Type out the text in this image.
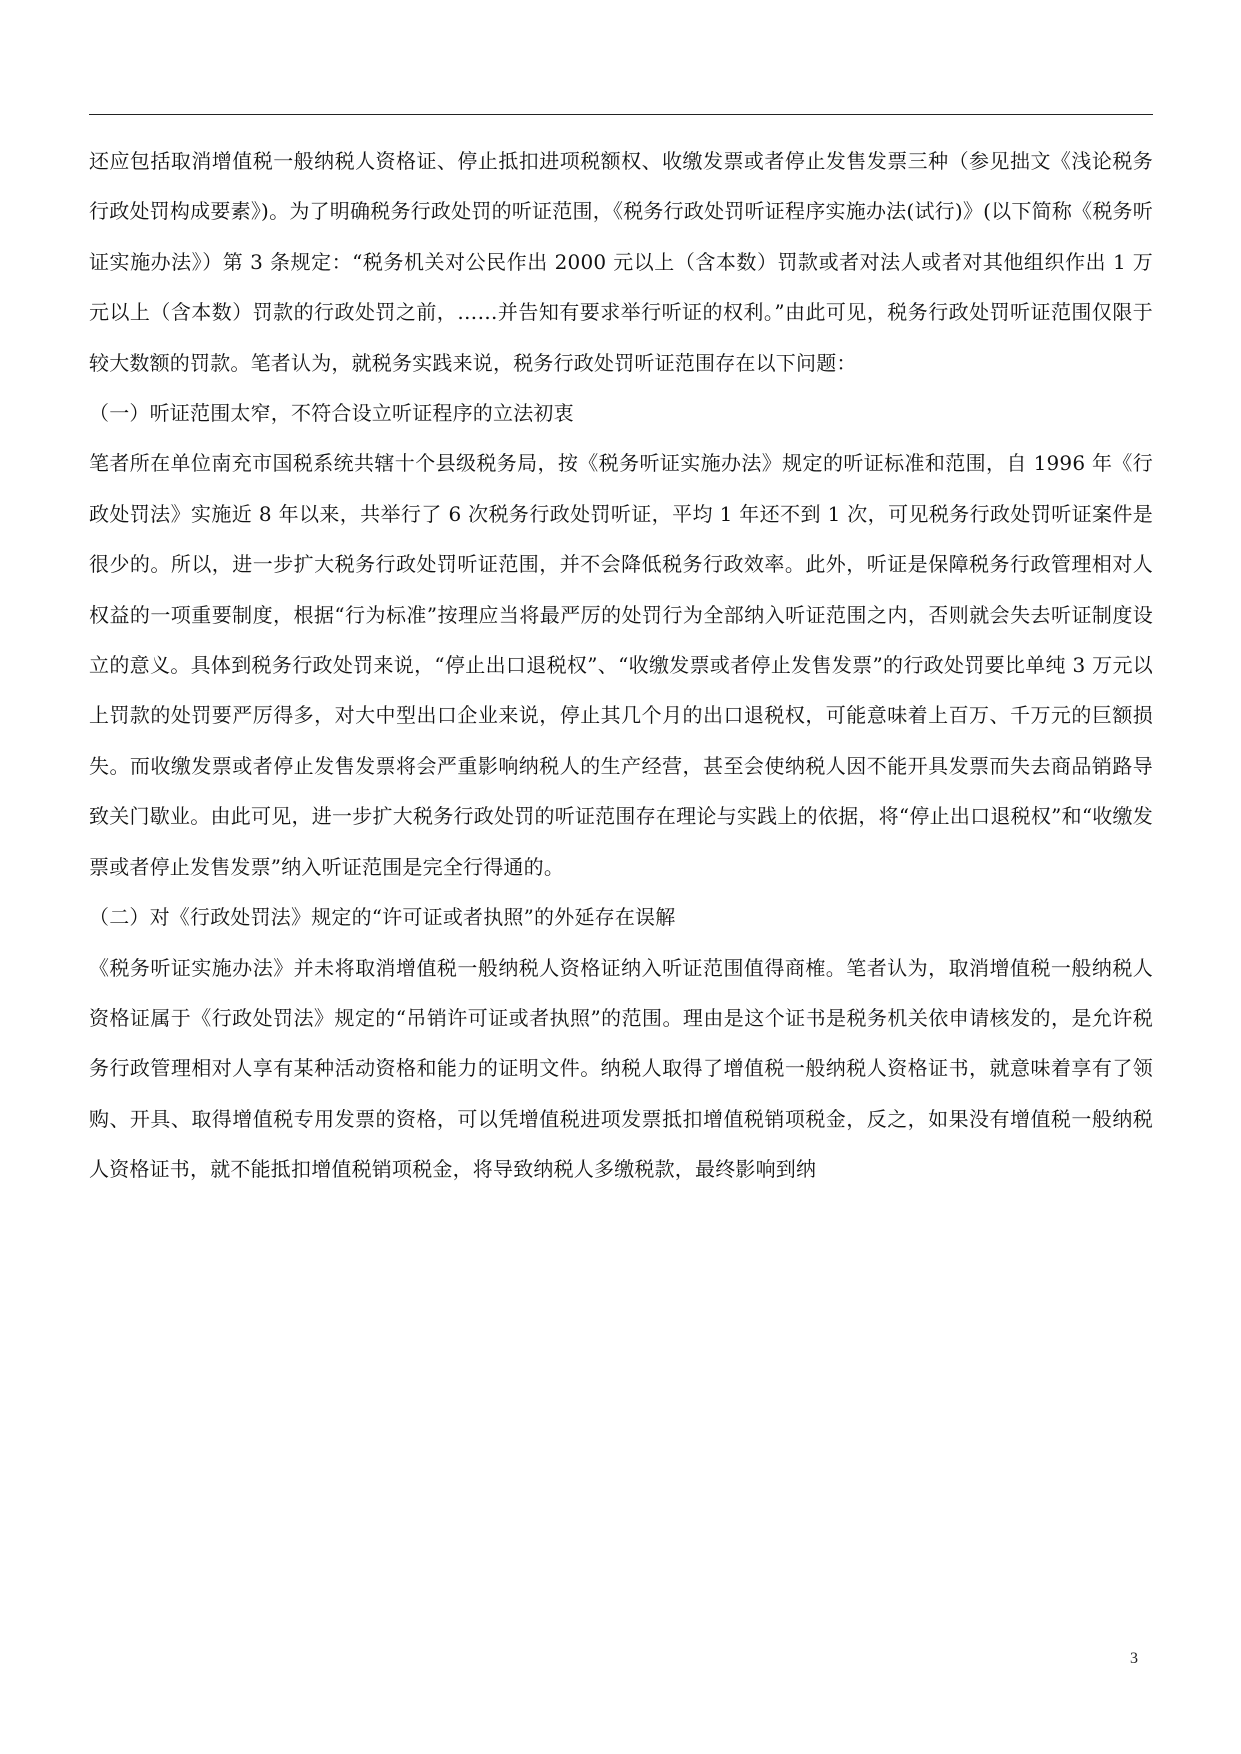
还应包括取消增值税一般纳税人资格证、停止抵扣进项税额权、收缴发票或者停止发售发票三种（参见拙文《浅论税务行政处罚构成要素》)。为了明确税务行政处罚的听证范围，《税务行政处罚听证程序实施办法(试行)》(以下简称《税务听证实施办法》）第 3 条规定：“税务机关对公民作出 2000 元以上（含本数）罚款或者对法人或者对其他组织作出 1 万元以上（含本数）罚款的行政处罚之前，……并告知有要求举行听证的权利。”由此可见，税务行政处罚听证范围仅限于较大数额的罚款。笔者认为，就税务实践来说，税务行政处罚听证范围存在以下问题：

（一）听证范围太窄，不符合设立听证程序的立法初衷

笔者所在单位南充市国税系统共辖十个县级税务局，按《税务听证实施办法》规定的听证标准和范围，自 1996 年《行政处罚法》实施近 8 年以来，共举行了 6 次税务行政处罚听证，平均 1 年还不到 1 次，可见税务行政处罚听证案件是很少的。所以，进一步扩大税务行政处罚听证范围，并不会降低税务行政效率。此外，听证是保障税务行政管理相对人权益的一项重要制度，根据“行为标准”按理应当将最严厉的处罚行为全部纳入听证范围之内，否则就会失去听证制度设立的意义。具体到税务行政处罚来说，“停止出口退税权”、“收缴发票或者停止发售发票”的行政处罚要比单纯 3 万元以上罚款的处罚要严厉得多，对大中型出口企业来说，停止其几个月的出口退税权，可能意味着上百万、千万元的巨额损失。而收缴发票或者停止发售发票将会严重影响纳税人的生产经营，甚至会使纳税人因不能开具发票而失去商品销路导致关门歇业。由此可见，进一步扩大税务行政处罚的听证范围存在理论与实践上的依据，将“停止出口退税权”和“收缴发票或者停止发售发票”纳入听证范围是完全行得通的。

（二）对《行政处罚法》规定的“许可证或者执照”的外延存在误解

《税务听证实施办法》并未将取消增值税一般纳税人资格证纳入听证范围值得商榷。笔者认为，取消增值税一般纳税人资格证属于《行政处罚法》规定的“吊销许可证或者执照”的范围。理由是这个证书是税务机关依申请核发的，是允许税务行政管理相对人享有某种活动资格和能力的证明文件。纳税人取得了增值税一般纳税人资格证书，就意味着享有了领购、开具、取得增值税专用发票的资格，可以凭增值税进项发票抵扣增值税销项税金，反之，如果没有增值税一般纳税人资格证书，就不能抵扣增值税销项税金，将导致纳税人多缴税款，最终影响到纳

3
